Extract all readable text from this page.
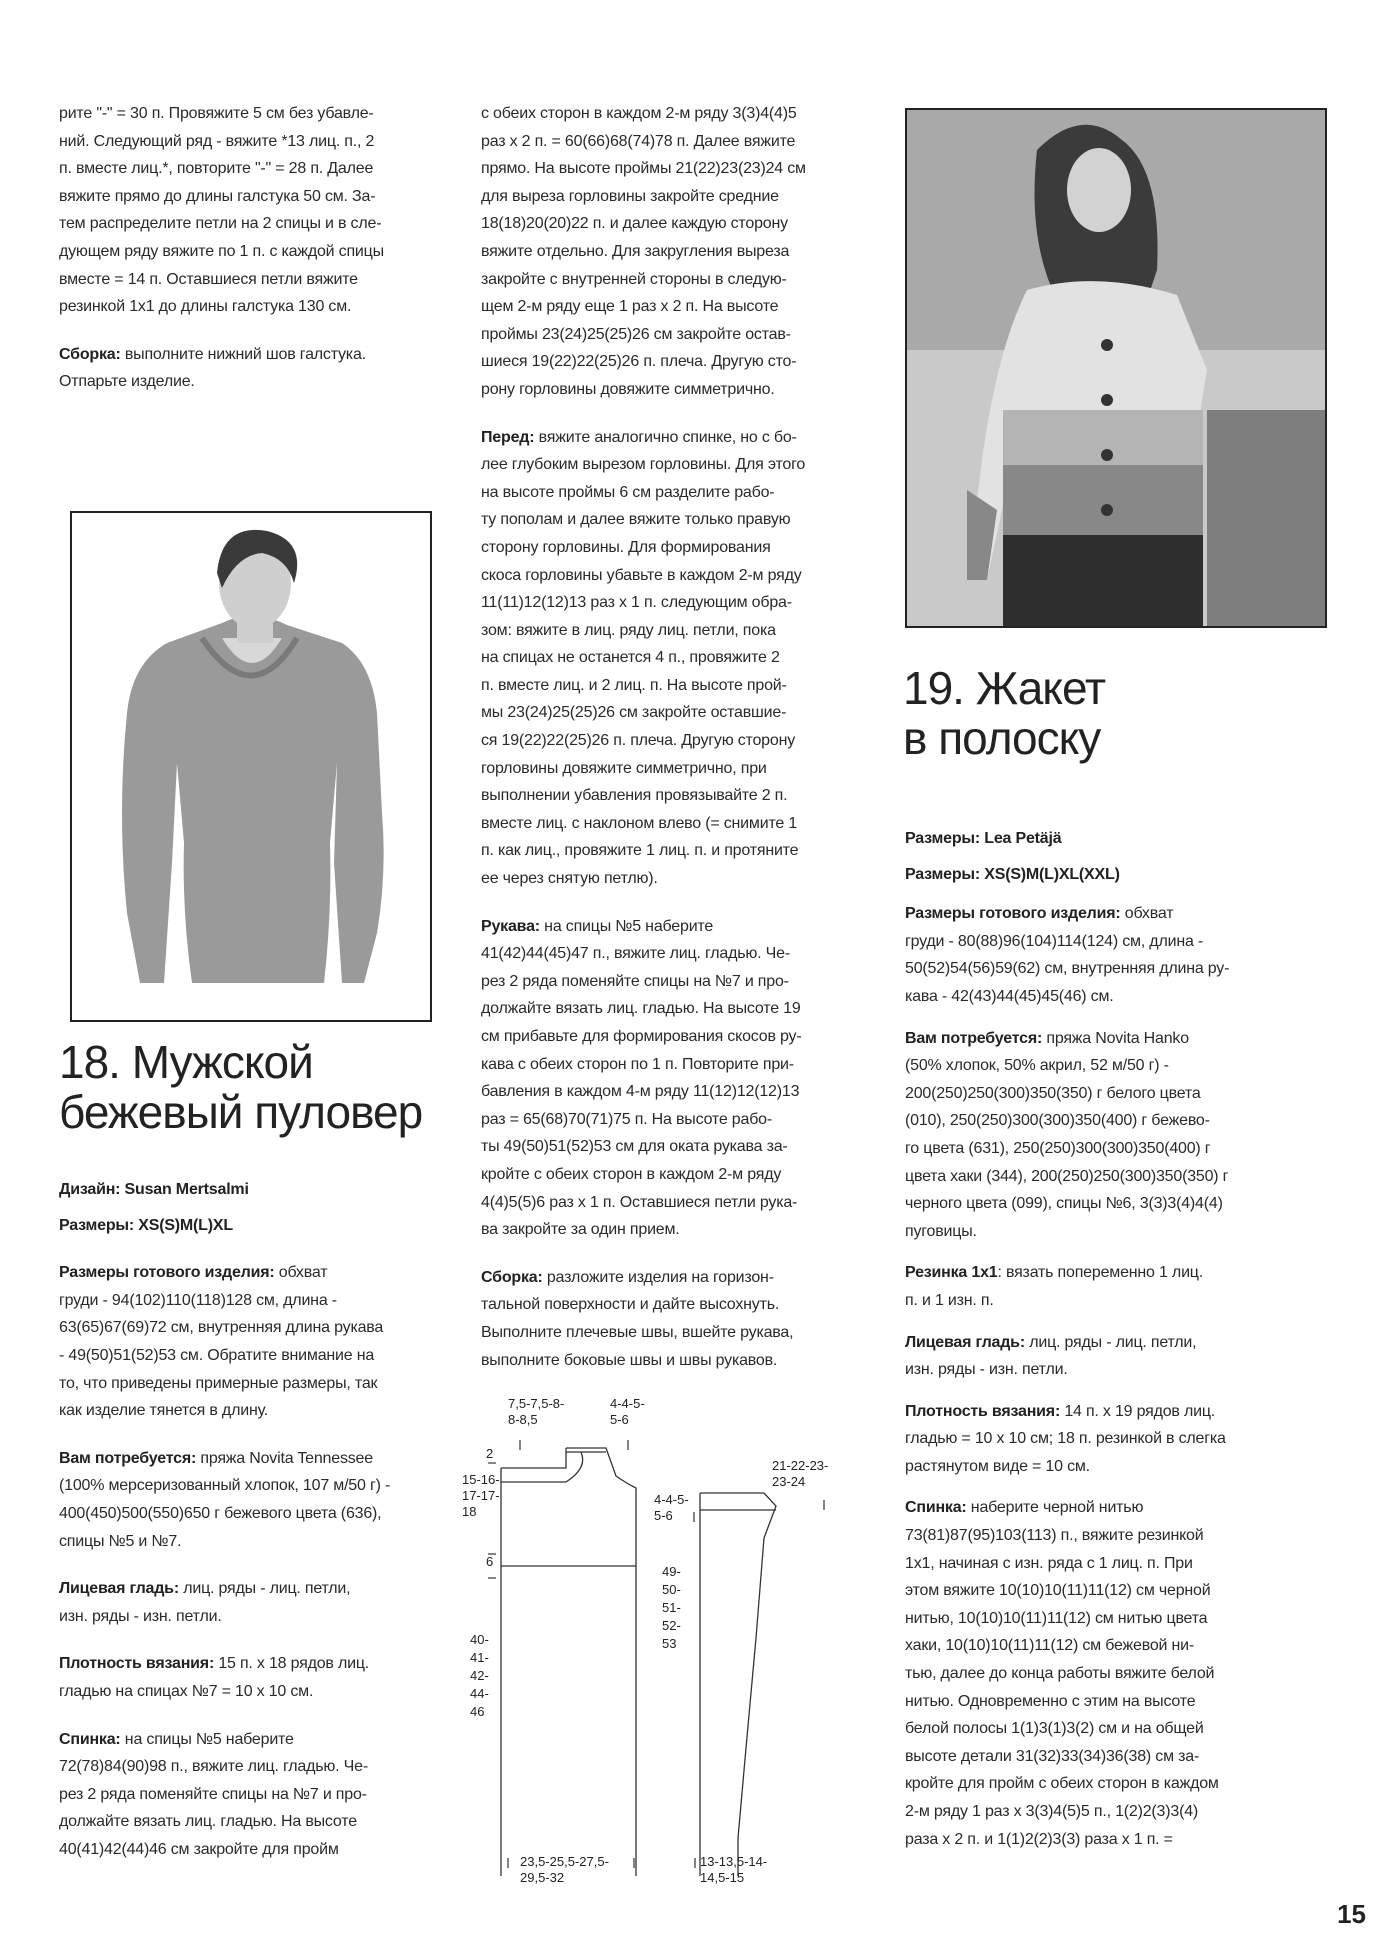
рите "-" = 30 п. Провяжите 5 см без убавле-

ний. Следующий ряд - вяжите *13 лиц. п., 2

п. вместе лиц.*, повторите "-" = 28 п. Далее

вяжите прямо до длины галстука 50 см. За-

тем распределите петли на 2 спицы и в сле-

дующем ряду вяжите по 1 п. с каждой спицы

вместе = 14 п. Оставшиеся петли вяжите

резинкой 1х1 до длины галстука 130 см.

Сборка: выполните нижний шов галстука.

Отпарьте изделие.

18. Мужской
бежевый пуловер

Дизайн: Susan Mertsalmi

Размеры: XS(S)M(L)XL

Размеры готового изделия: обхват

груди - 94(102)110(118)128 см, длина -

63(65)67(69)72 см, внутренняя длина рукава

- 49(50)51(52)53 см. Обратите внимание на

то, что приведены примерные размеры, так

как изделие тянется в длину.

Вам потребуется: пряжа Novita Tennessee

(100% мерсеризованный хлопок, 107 м/50 г) -

400(450)500(550)650 г бежевого цвета (636),

спицы №5 и №7.

Лицевая гладь: лиц. ряды - лиц. петли,

изн. ряды - изн. петли.

Плотность вязания: 15 п. х 18 рядов лиц.

гладью на спицах №7 = 10 х 10 см.

Спинка: на спицы №5 наберите

72(78)84(90)98 п., вяжите лиц. гладью. Че-

рез 2 ряда поменяйте спицы на №7 и про-

должайте вязать лиц. гладью. На высоте

40(41)42(44)46 см закройте для пройм

с обеих сторон в каждом 2-м ряду 3(3)4(4)5

раз х 2 п. = 60(66)68(74)78 п. Далее вяжите

прямо. На высоте проймы 21(22)23(23)24 см

для выреза горловины закройте средние

18(18)20(20)22 п. и далее каждую сторону

вяжите отдельно. Для закругления выреза

закройте с внутренней стороны в следую-

щем 2-м ряду еще 1 раз х 2 п. На высоте

проймы 23(24)25(25)26 см закройте остав-

шиеся 19(22)22(25)26 п. плеча. Другую сто-

рону горловины довяжите симметрично.

Перед: вяжите аналогично спинке, но с бо-

лее глубоким вырезом горловины. Для этого

на высоте проймы 6 см разделите рабо-

ту пополам и далее вяжите только правую

сторону горловины. Для формирования

скоса горловины убавьте в каждом 2-м ряду

11(11)12(12)13 раз х 1 п. следующим обра-

зом: вяжите в лиц. ряду лиц. петли, пока

на спицах не останется 4 п., провяжите 2

п. вместе лиц. и 2 лиц. п. На высоте прой-

мы 23(24)25(25)26 см закройте оставшие-

ся 19(22)22(25)26 п. плеча. Другую сторону

горловины довяжите симметрично, при

выполнении убавления провязывайте 2 п.

вместе лиц. с наклоном влево (= снимите 1

п. как лиц., провяжите 1 лиц. п. и протяните

ее через снятую петлю).

Рукава: на спицы №5 наберите

41(42)44(45)47 п., вяжите лиц. гладью. Че-

рез 2 ряда поменяйте спицы на №7 и про-

должайте вязать лиц. гладью. На высоте 19

см прибавьте для формирования скосов ру-

кава с обеих сторон по 1 п. Повторите при-

бавления в каждом 4-м ряду 11(12)12(12)13

раз = 65(68)70(71)75 п. На высоте рабо-

ты 49(50)51(52)53 см для оката рукава за-

кройте с обеих сторон в каждом 2-м ряду

4(4)5(5)6 раз х 1 п. Оставшиеся петли рука-

ва закройте за один прием.

Сборка: разложите изделия на горизон-

тальной поверхности и дайте высохнуть.

Выполните плечевые швы, вшейте рукава,

выполните боковые швы и швы рукавов.

7,5-7,5-8-
8-8,5
4-4-5-
5-6
2
15-16-
17-17-
18
6
40-
41-
42-
44-
46
4-4-5-
5-6
49-
50-
51-
52-
53
21-22-23-
23-24
23,5-25,5-27,5-
29,5-32
13-13,5-14-
14,5-15
19. Жакет
в полоску

Размеры: Lea Petäjä

Размеры: XS(S)M(L)XL(XXL)

Размеры готового изделия: обхват

груди - 80(88)96(104)114(124) см, длина -

50(52)54(56)59(62) см, внутренняя длина ру-

кава - 42(43)44(45)45(46) см.

Вам потребуется: пряжа Novita Hanko

(50% хлопок, 50% акрил, 52 м/50 г) -

200(250)250(300)350(350) г белого цвета

(010), 250(250)300(300)350(400) г бежево-

го цвета (631), 250(250)300(300)350(400) г

цвета хаки (344), 200(250)250(300)350(350) г

черного цвета (099), спицы №6, 3(3)3(4)4(4)

пуговицы.

Резинка 1х1: вязать попеременно 1 лиц.

п. и 1 изн. п.

Лицевая гладь: лиц. ряды - лиц. петли,

изн. ряды - изн. петли.

Плотность вязания: 14 п. х 19 рядов лиц.

гладью = 10 х 10 см; 18 п. резинкой в слегка

растянутом виде = 10 см.

Спинка: наберите черной нитью

73(81)87(95)103(113) п., вяжите резинкой

1х1, начиная с изн. ряда с 1 лиц. п. При

этом вяжите 10(10)10(11)11(12) см черной

нитью, 10(10)10(11)11(12) см нитью цвета

хаки, 10(10)10(11)11(12) см бежевой ни-

тью, далее до конца работы вяжите белой

нитью. Одновременно с этим на высоте

белой полосы 1(1)3(1)3(2) см и на общей

высоте детали 31(32)33(34)36(38) см за-

кройте для пройм с обеих сторон в каждом

2-м ряду 1 раз х 3(3)4(5)5 п., 1(2)2(3)3(4)

раза х 2 п. и 1(1)2(2)3(3) раза х 1 п. =

15
